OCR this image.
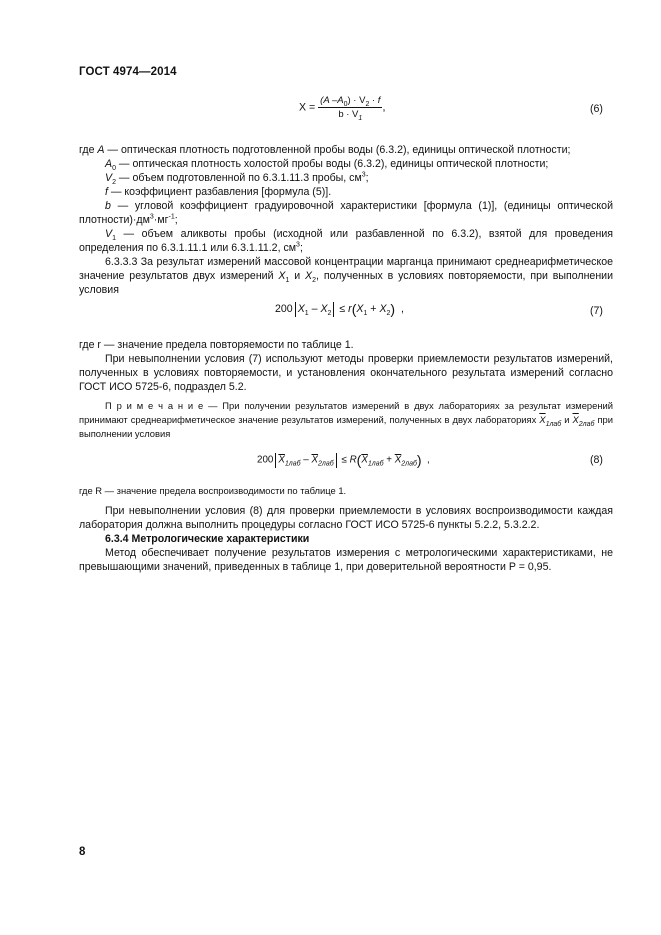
ГОСТ 4974—2014
$X = \frac{(A -A_0) \cdot V_2 \cdot f}{b \cdot V_1}$ ,	(6)
где A — оптическая плотность подготовленной пробы воды (6.3.2), единицы оптической плотности;
$A_0$ — оптическая плотность холостой пробы воды (6.3.2), единицы оптической плотности;
$V_2$ — объем подготовленной по 6.3.1.11.3 пробы, $см^3$;
f — коэффициент разбавления [формула (5)].
b — угловой коэффициент градуировочной характеристики [формула (1)], (единицы оптической $плотности)\cdot дм^3\cdot мг^{-1}$;
$V_1$ — объем аликвоты пробы (исходной или разбавленной по 6.3.2), взятой для проведения определения по 6.3.1.11.1 или 6.3.1.11.2, $см^3$;
6.3.3.3 За результат измерений массовой концентрации марганца принимают среднеарифметическое значение результатов двух измерений $X_1$ и $X_2$, полученных в условиях повторяемости, при выполнении условия
200 $X_1 - X_2 \le r(X_1 + X_2)$ ,	(7)
где r — значение предела повторяемости по таблице 1.
При невыполнении условия (7) используют методы проверки приемлемости результатов измерений, полученных в условиях повторяемости, и установления окончательного результата измерений согласно ГОСТ ИСО 5725-6, подраздел 5.2.
П р и м е ч а н и е — При получении результатов измерений в двух лабораториях за результат измерений принимают среднеарифметическое значение результатов измерений, полученных в двух лабораториях $\overline{X}_{1лаб}$ и $\overline{X}_{2лаб}$ при выполнении условия
200 $\overline{X}_{1лаб} - \overline{X}_{2лаб} \le R(\overline{X}_{1лаб} + \overline{X}_{2лаб})$ ,	(8)
где R — значение предела воспроизводимости по таблице 1.
При невыполнении условия (8) для проверки приемлемости в условиях воспроизводимости каждая лаборатория должна выполнить процедуры согласно ГОСТ ИСО 5725-6 пункты 5.2.2, 5.3.2.2.
6.3.4 Метрологические характеристики
Метод обеспечивает получение результатов измерения с метрологическими характеристиками, не превышающими значений, приведенных в таблице 1, при доверительной вероятности P = 0,95.
8
